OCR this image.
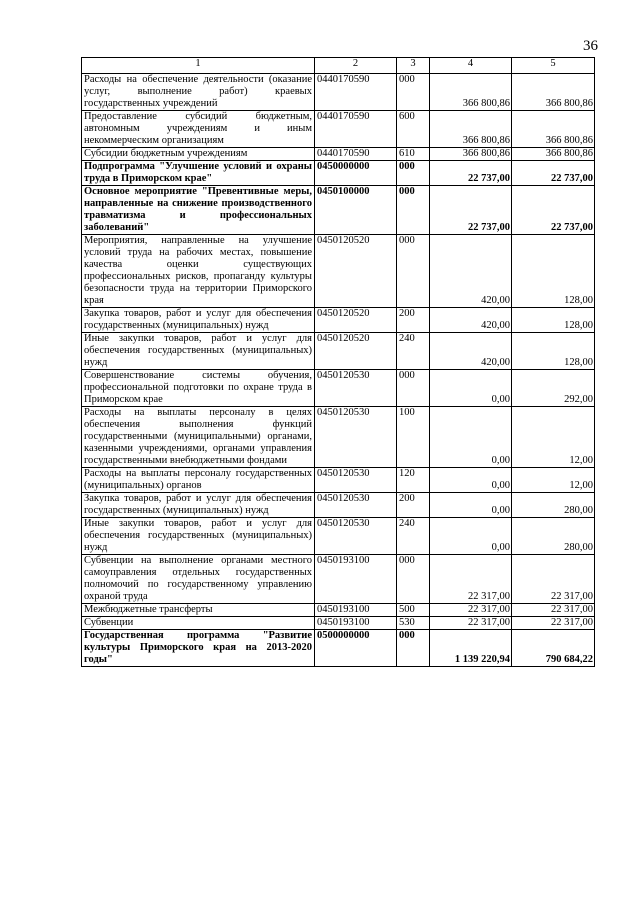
36
1	2	3	4	5
Расходы на обеспечение деятельности (оказание услуг, выполнение работ) краевых государственных учреждений	0440170590	000	366 800,86	366 800,86
Предоставление субсидий бюджетным, автономным учреждениям и иным некоммерческим организациям	0440170590	600	366 800,86	366 800,86
Субсидии бюджетным учреждениям	0440170590	610	366 800,86	366 800,86
Подпрограмма "Улучшение условий и охраны труда в Приморском крае"	0450000000	000	22 737,00	22 737,00
Основное мероприятие "Превентивные меры, направленные на снижение производственного травматизма и профессиональных заболеваний"	0450100000	000	22 737,00	22 737,00
Мероприятия, направленные на улучшение условий труда на рабочих местах, повышение качества оценки существующих профессиональных рисков, пропаганду культуры безопасности труда на территории Приморского края	0450120520	000	420,00	128,00
Закупка товаров, работ и услуг для обеспечения государственных (муниципальных) нужд	0450120520	200	420,00	128,00
Иные закупки товаров, работ и услуг для обеспечения государственных (муниципальных) нужд	0450120520	240	420,00	128,00
Совершенствование системы обучения, профессиональной подготовки по охране труда в Приморском крае	0450120530	000	0,00	292,00
Расходы на выплаты персоналу в целях обеспечения выполнения функций государственными (муниципальными) органами, казенными учреждениями, органами управления государственными внебюджетными фондами	0450120530	100	0,00	12,00
Расходы на выплаты персоналу государственных (муниципальных) органов	0450120530	120	0,00	12,00
Закупка товаров, работ и услуг для обеспечения государственных (муниципальных) нужд	0450120530	200	0,00	280,00
Иные закупки товаров, работ и услуг для обеспечения государственных (муниципальных) нужд	0450120530	240	0,00	280,00
Субвенции на выполнение органами местного самоуправления отдельных государственных полномочий по государственному управлению охраной труда	0450193100	000	22 317,00	22 317,00
Межбюджетные трансферты	0450193100	500	22 317,00	22 317,00
Субвенции	0450193100	530	22 317,00	22 317,00
Государственная программа "Развитие культуры Приморского края на 2013-2020 годы"	0500000000	000	1 139 220,94	790 684,22
